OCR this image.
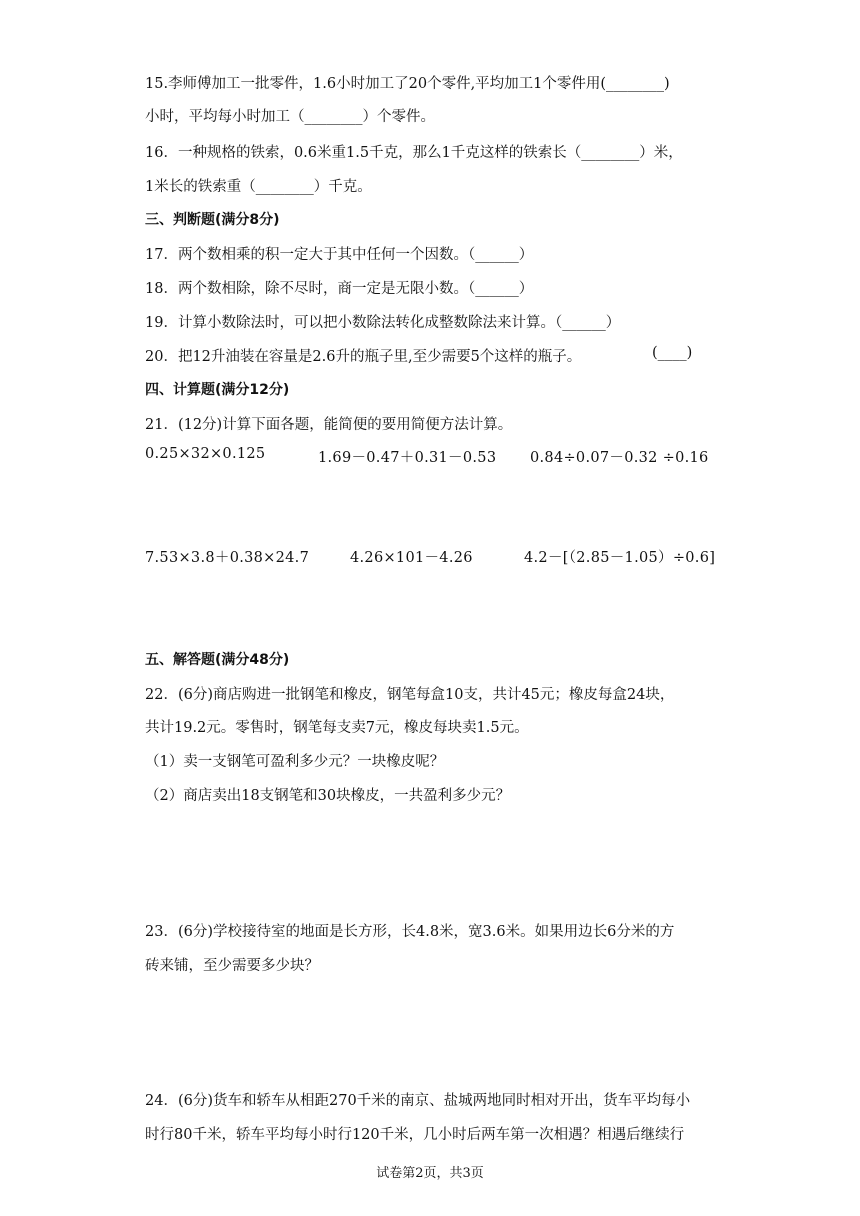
15.李师傅加工一批零件，1.6小时加工了20个零件,平均加工1个零件用(________)
小时，平均每小时加工（________）个零件。
16．一种规格的铁索，0.6米重1.5千克，那么1千克这样的铁索长（________）米，
1米长的铁索重（________）千克。
三、判断题(满分8分)
17．两个数相乘的积一定大于其中任何一个因数。（______）
18．两个数相除，除不尽时，商一定是无限小数。（______）
19．计算小数除法时，可以把小数除法转化成整数除法来计算。（______）
20．把12升油装在容量是2.6升的瓶子里,至少需要5个这样的瓶子。	(____)
四、计算题(满分12分)
21．(12分)计算下面各题，能简便的要用简便方法计算。
0.25×32×0.125	1.69－0.47＋0.31－0.53 0.84÷0.07－0.32 ÷0.16
7.53×3.8＋0.38×24.7	4.26×101－4.26	4.2－[（2.85－1.05）÷0.6]
五、解答题(满分48分)
22．(6分)商店购进一批钢笔和橡皮，钢笔每盒10支，共计45元；橡皮每盒24块，
共计19.2元。零售时，钢笔每支卖7元，橡皮每块卖1.5元。
（1）卖一支钢笔可盈利多少元？一块橡皮呢？
（2）商店卖出18支钢笔和30块橡皮，一共盈利多少元？
23．(6分)学校接待室的地面是长方形，长4.8米，宽3.6米。如果用边长6分米的方
砖来铺，至少需要多少块？
24．(6分)货车和轿车从相距270千米的南京、盐城两地同时相对开出，货车平均每小
时行80千米，轿车平均每小时行120千米，几小时后两车第一次相遇？相遇后继续行
试卷第2页，共3页
